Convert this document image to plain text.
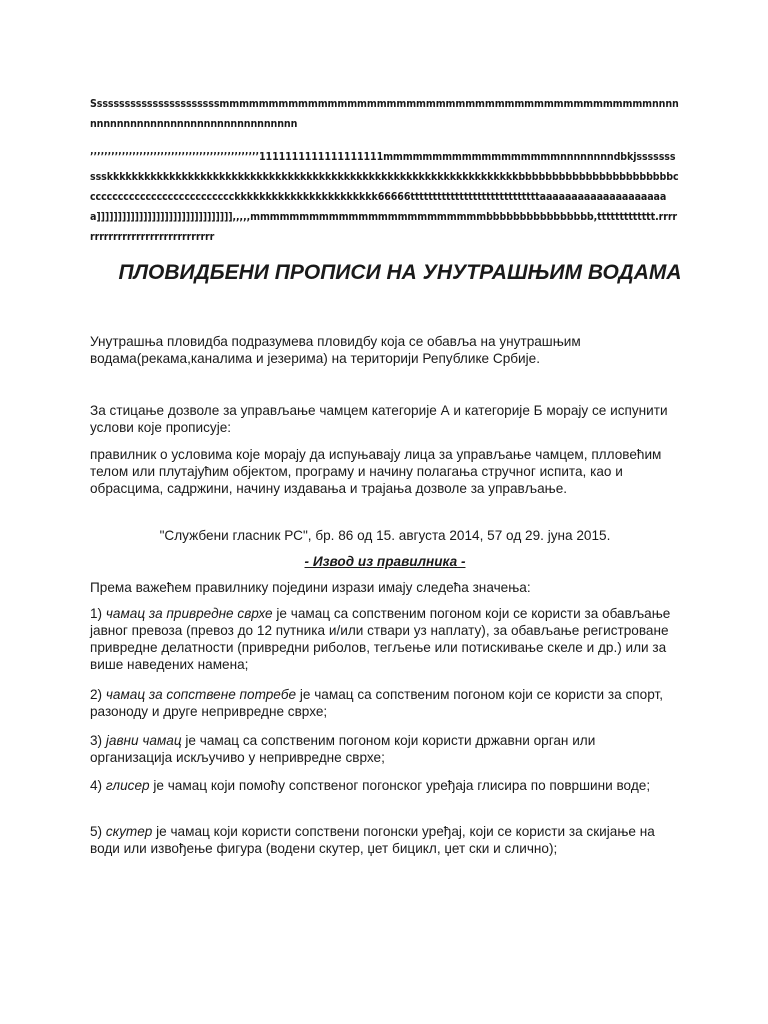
Sssssssssssssssssssssssmmmmmmmmmmmmmmmmmmmmmmmmmmmmmmmmmmmmmmmmmmmmnnnnnnnnnnnnnnnnnnnnnnnnnnnnnnnnnnn
’’’’’’’’’’’’’’’’’’’’’’’’’’’’’’’’’’’’’’’’’’’’’’’’1111111111111111111mmmmmmmmmmmmmmmmmmnnnnnnnndbkjsssssssssskkkkkkkkkkkkkkkkkkkkkkkkkkkkkkkkkkkkkkkkkkkkkkkkkkkkkkkkkkkkkkkkkkbbbbbbbbbbbbbbbbbbbbbbbccccccccccccccccccccccccccckkkkkkkkkkkkkkkkkkkkkkk66666tttttttttttttttttttttttttttttaaaaaaaaaaaaaaaaaaaaa]]]]]]]]]]]]]]]]]]]]]]]]]]]]]]]],,,,,mmmmmmmmmmmmmmmmmmmmmmmmbbbbbbbbbbbbbbbb,ttttttttttttt.rrrrrrrrrrrrrrrrrrrrrrrrrrrrrrr
ПЛОВИДБЕНИ ПРОПИСИ НА УНУТРАШЊИМ ВОДАМА
Унутрашња пловидба подразумева пловидбу која се обавља на унутрашњим водама(рекама,каналима и језерима) на територији Републике Србије.
За стицање дозволе за управљање чамцем категорије А и категорије Б морају се испунити услови које прописује:
правилник о условима које морају да испуњавају лица за управљање чамцем, плловећим телом или плутајућим објектом, програму и начину полагања стручног испита, као и обрасцима, садржини, начину издавања и трајања дозволе за управљање.
"Службени гласник РС", бр. 86 од 15. августа 2014, 57 од 29. јуна 2015.
- Извод из правилника -
Према важећем правилнику поједини изрази имају следећа значења:
1) чамац за привредне сврхе је чамац са сопственим погоном који се користи за обављање јавног превоза (превоз до 12 путника и/или ствари уз наплату), за обављање регистроване привредне делатности (привредни риболов, тегљење или потискивање скеле и др.) или за више наведених намена;
2) чамац за сопствене потребе је чамац са сопственим погоном који се користи за спорт, разоноду и друге непривредне сврхе;
3) јавни чамац је чамац са сопственим погоном који користи државни орган или организација искључиво у непривредне сврхе;
4) глисер је чамац који помоћу сопственог погонског уређаја глисира по површини воде;
5) скутер је чамац који користи сопствени погонски уређај, који се користи за скијање на води или извођење фигура (водени скутер, џет бицикл, џет ски и слично);
